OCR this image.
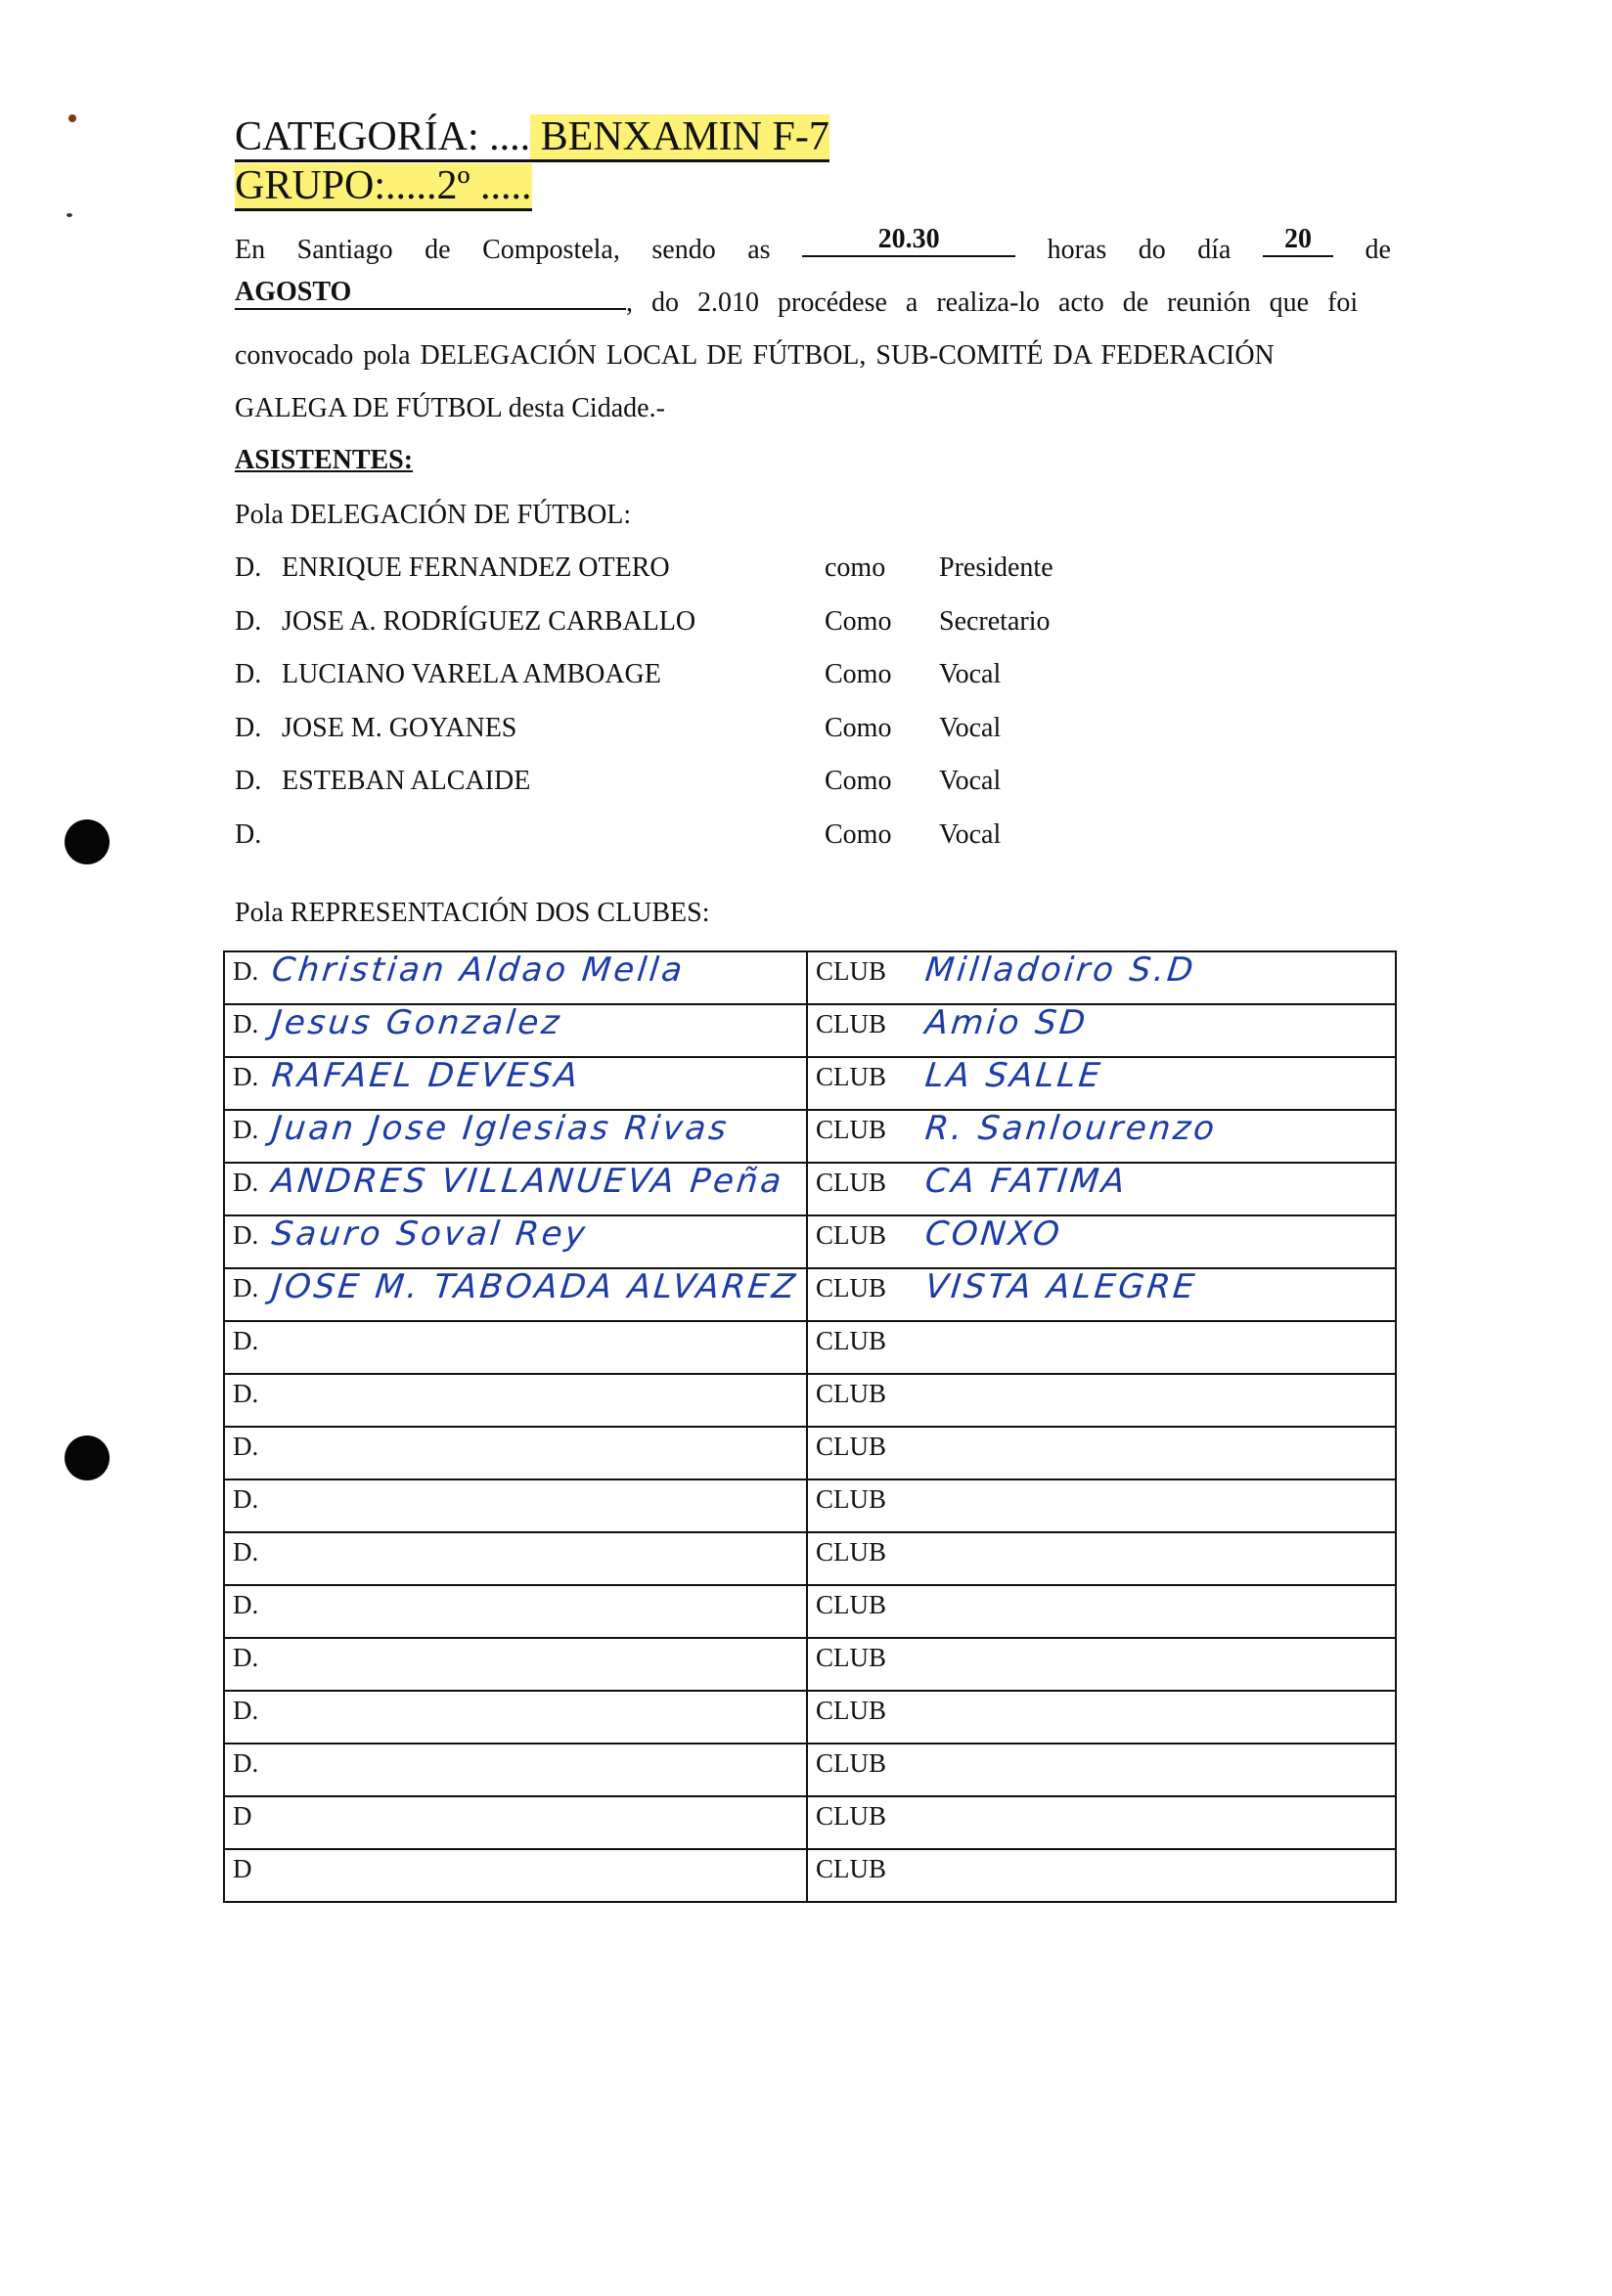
CATEGORÍA: .... BENXAMIN F-7
GRUPO:.....2º .....
En Santiago de Compostela, sendo as	20.30	horas do día	20	de
AGOSTO	, do 2.010 procédese a realiza-lo acto de reunión que foi
convocado pola DELEGACIÓN LOCAL DE FÚTBOL, SUB-COMITÉ DA FEDERACIÓN
GALEGA DE FÚTBOL desta Cidade.-
ASISTENTES:
Pola DELEGACIÓN DE FÚTBOL:
D. ENRIQUE FERNANDEZ OTERO	como Presidente
D. JOSE A. RODRÍGUEZ CARBALLO	Como Secretario
D. LUCIANO VARELA AMBOAGE	Como Vocal
D. JOSE M. GOYANES	Como Vocal
D. ESTEBAN ALCAIDE	Como Vocal
D.	Como Vocal
Pola REPRESENTACIÓN DOS CLUBES:
D. Christian Aldao Mella	CLUB Milladoiro S.D

D. Jesus Gonzalez	CLUB Amio SD

D. RAFAEL DEVESA	CLUB LA SALLE

D. Juan Jose Iglesias Rivas	CLUB R. Sanlourenzo

D. ANDRES VILLANUEVA Peña	CLUB CA FATIMA

D. Sauro Soval Rey	CLUB CONXO

D. JOSE M. TABOADA ALVAREZ	CLUB VISTA ALEGRE

D.	CLUB

D.	CLUB

D.	CLUB

D.	CLUB

D.	CLUB

D.	CLUB

D.	CLUB

D.	CLUB

D.	CLUB

D	CLUB

D	CLUB
